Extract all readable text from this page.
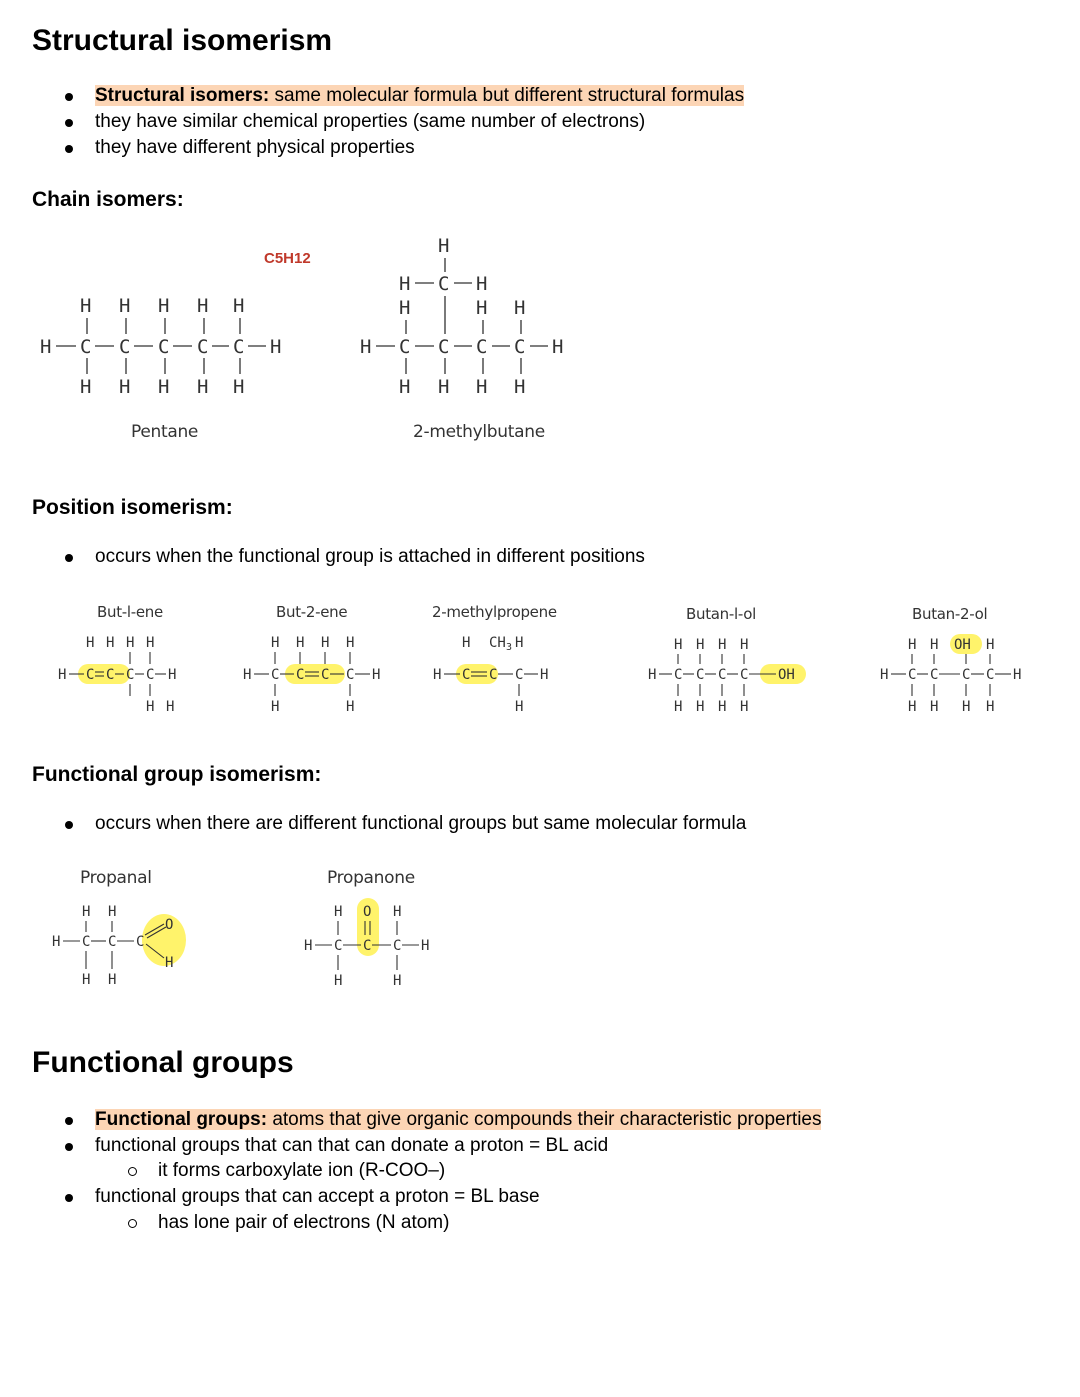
Structural isomerism
Structural isomers: same molecular formula but different structural formulas
they have similar chemical properties (same number of electrons)
they have different physical properties
Chain isomers:
C5H12
H H H H H
H C C C C C H
H H H H H
Pentane
H
H C H
H	H H
H C C C C H
H H H H
2-methylbutane
Position isomerism:
occurs when the functional group is attached in different positions
But-l-ene	But-2-ene	2-methylpropene	Butan-l-ol	Butan-2-ol
H H H H
H C C C C H
H H
H H H H
H C C C C H
H	H
H CH 3 H
H C C C H
H
H H H H
H C C C C OH
H H H H
H H OH H
H C C C C H
H H H H
Functional group isomerism:
occurs when there are different functional groups but same molecular formula
Propanal	Propanone
H H
H C C C
O
H
H H
H O H
H C C C H
H	H
Functional groups
Functional groups: atoms that give organic compounds their characteristic properties
functional groups that can that can donate a proton = BL acid
it forms carboxylate ion (R-COO–)
functional groups that can accept a proton = BL base
has lone pair of electrons (N atom)
